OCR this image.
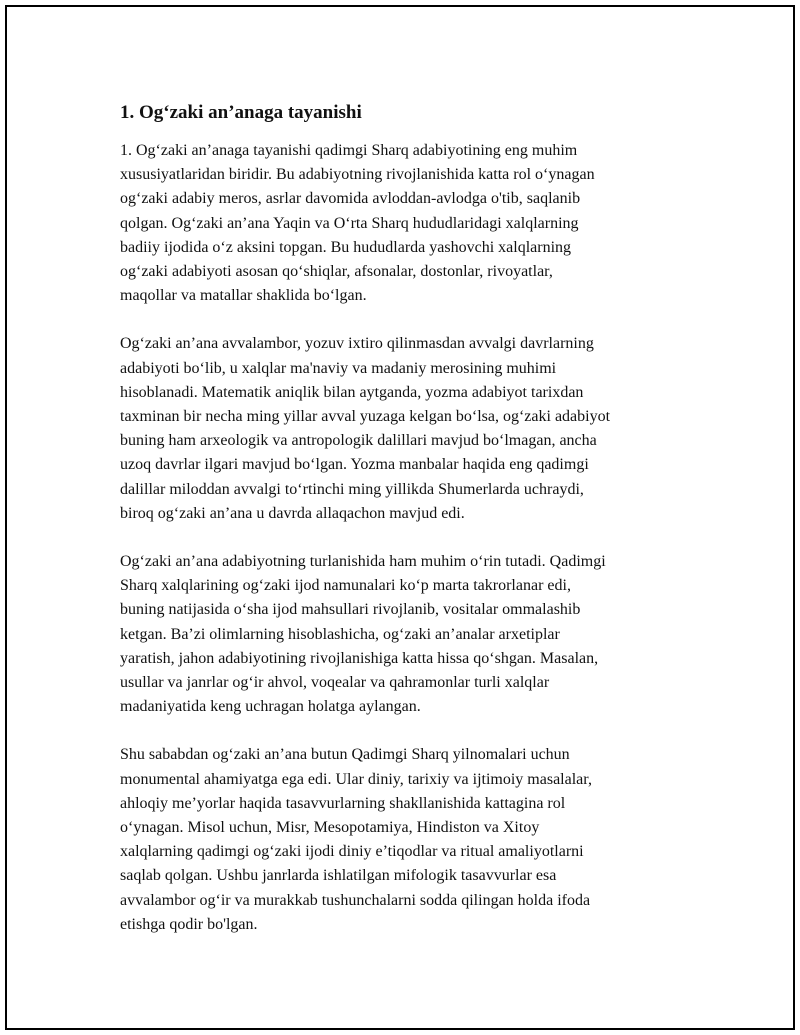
1. Og‘zaki an’anaga tayanishi

1. Og‘zaki an’anaga tayanishi qadimgi Sharq adabiyotining eng muhim
xususiyatlaridan biridir. Bu adabiyotning rivojlanishida katta rol o‘ynagan
og‘zaki adabiy meros, asrlar davomida avloddan-avlodga o'tib, saqlanib
qolgan. Og‘zaki an’ana Yaqin va O‘rta Sharq hududlaridagi xalqlarning
badiiy ijodida o‘z aksini topgan. Bu hududlarda yashovchi xalqlarning
og‘zaki adabiyoti asosan qo‘shiqlar, afsonalar, dostonlar, rivoyatlar,
maqollar va matallar shaklida bo‘lgan.

Og‘zaki an’ana avvalambor, yozuv ixtiro qilinmasdan avvalgi davrlarning
adabiyoti bo‘lib, u xalqlar ma'naviy va madaniy merosining muhimi
hisoblanadi. Matematik aniqlik bilan aytganda, yozma adabiyot tarixdan
taxminan bir necha ming yillar avval yuzaga kelgan bo‘lsa, og‘zaki adabiyot
buning ham arxeologik va antropologik dalillari mavjud bo‘lmagan, ancha
uzoq davrlar ilgari mavjud bo‘lgan. Yozma manbalar haqida eng qadimgi
dalillar miloddan avvalgi to‘rtinchi ming yillikda Shumerlarda uchraydi,
biroq og‘zaki an’ana u davrda allaqachon mavjud edi.

Og‘zaki an’ana adabiyotning turlanishida ham muhim o‘rin tutadi. Qadimgi
Sharq xalqlarining og‘zaki ijod namunalari ko‘p marta takrorlanar edi,
buning natijasida o‘sha ijod mahsullari rivojlanib, vositalar ommalashib
ketgan. Ba’zi olimlarning hisoblashicha, og‘zaki an’analar arxetiplar
yaratish, jahon adabiyotining rivojlanishiga katta hissa qo‘shgan. Masalan,
usullar va janrlar og‘ir ahvol, voqealar va qahramonlar turli xalqlar
madaniyatida keng uchragan holatga aylangan.

Shu sababdan og‘zaki an’ana butun Qadimgi Sharq yilnomalari uchun
monumental ahamiyatga ega edi. Ular diniy, tarixiy va ijtimoiy masalalar,
ahloqiy me’yorlar haqida tasavvurlarning shakllanishida kattagina rol
o‘ynagan. Misol uchun, Misr, Mesopotamiya, Hindiston va Xitoy
xalqlarning qadimgi og‘zaki ijodi diniy e’tiqodlar va ritual amaliyotlarni
saqlab qolgan. Ushbu janrlarda ishlatilgan mifologik tasavvurlar esa
avvalambor og‘ir va murakkab tushunchalarni sodda qilingan holda ifoda
etishga qodir bo'lgan.
